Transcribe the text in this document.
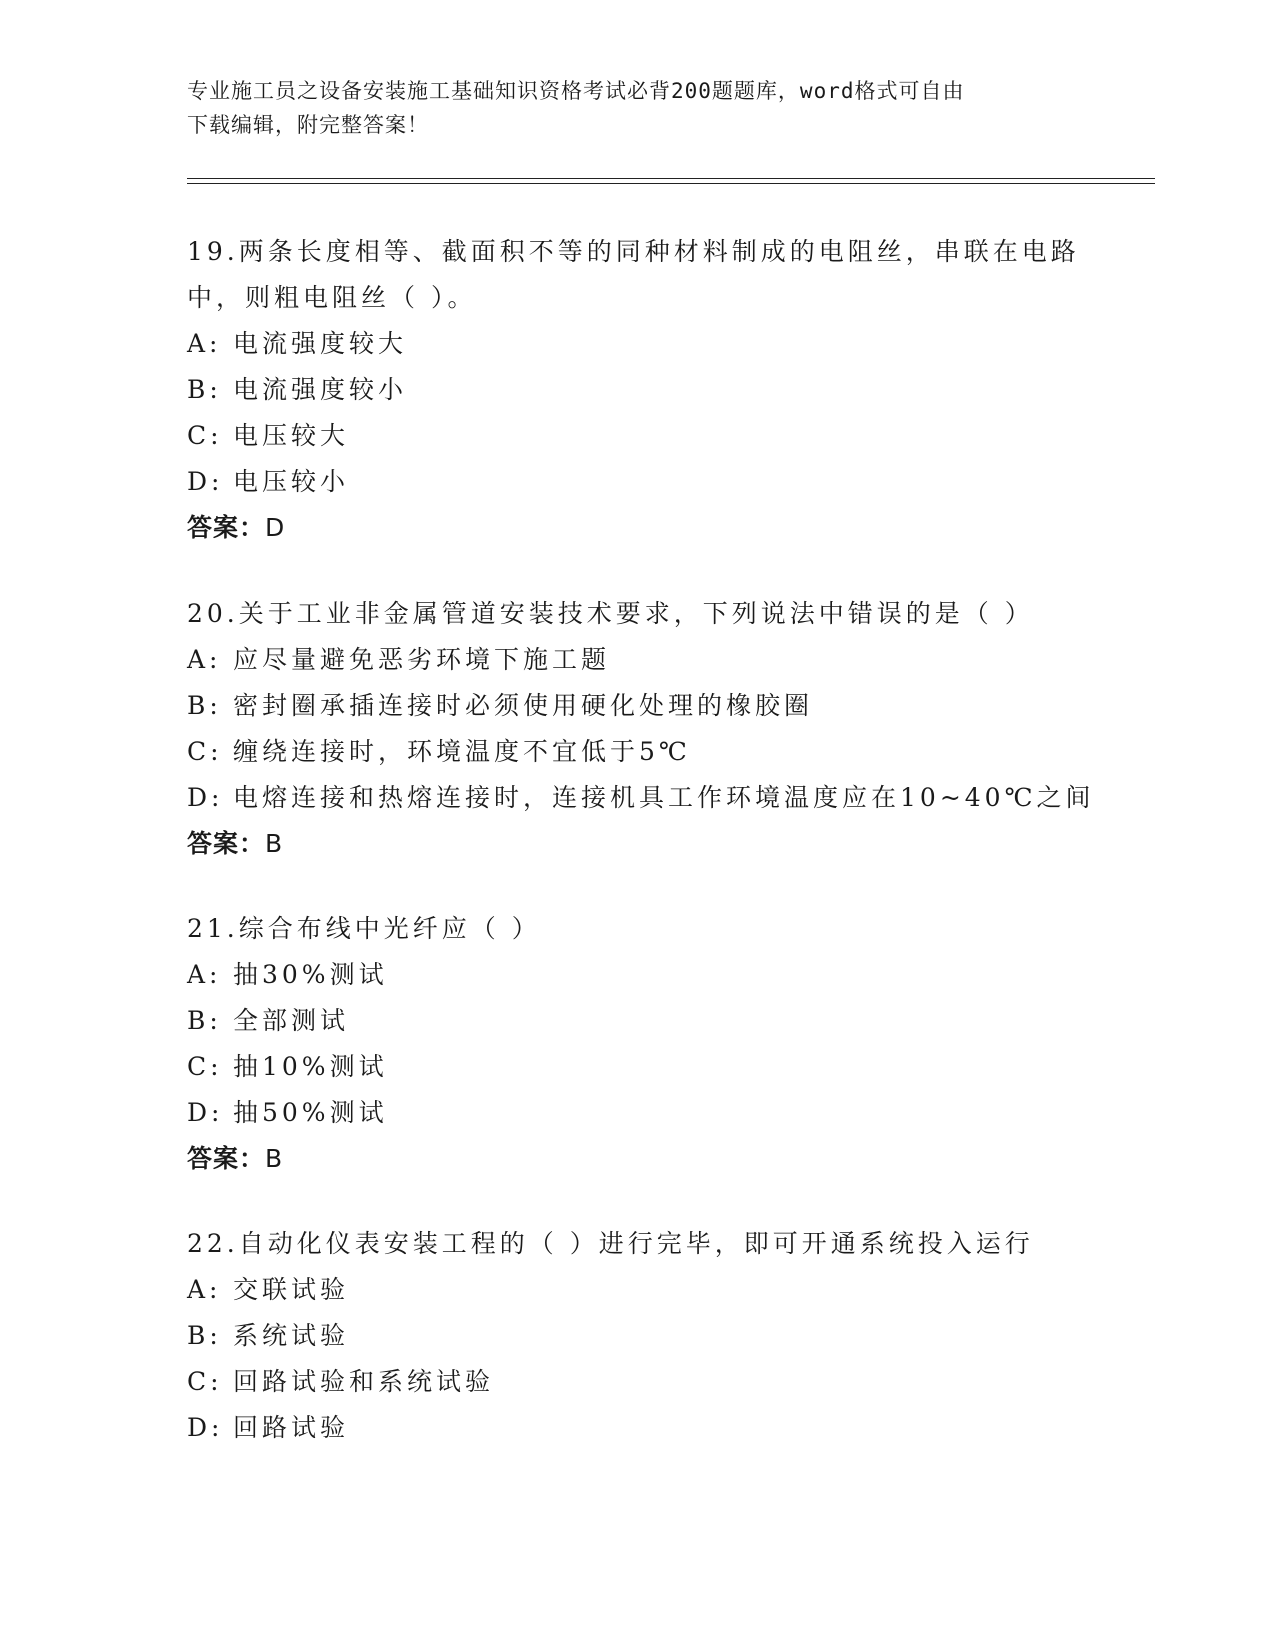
专业施工员之设备安装施工基础知识资格考试必背200题题库，word格式可自由
下载编辑，附完整答案！

19.两条长度相等、截面积不等的同种材料制成的电阻丝，串联在电路

中，则粗电阻丝（ ）。

A: 电流强度较大

B: 电流强度较小

C: 电压较大

D: 电压较小

答案：D

20.关于工业非金属管道安装技术要求，下列说法中错误的是（ ）

A: 应尽量避免恶劣环境下施工题

B: 密封圈承插连接时必须使用硬化处理的橡胶圈

C: 缠绕连接时，环境温度不宜低于5℃

D: 电熔连接和热熔连接时，连接机具工作环境温度应在10~40℃之间

答案：B

21.综合布线中光纤应（ ）

A: 抽30%测试

B: 全部测试

C: 抽10%测试

D: 抽50%测试

答案：B

22.自动化仪表安装工程的（ ）进行完毕，即可开通系统投入运行

A: 交联试验

B: 系统试验

C: 回路试验和系统试验

D: 回路试验
